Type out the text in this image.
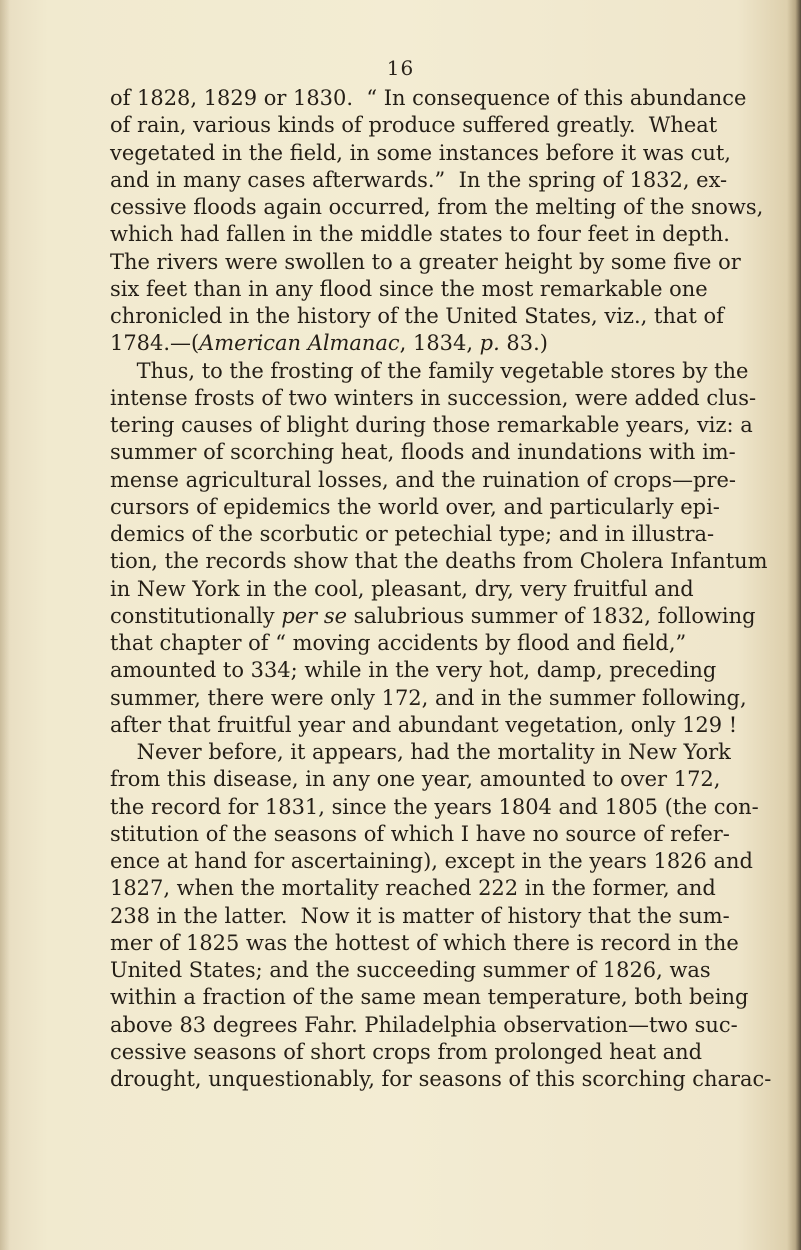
16
of 1828, 1829 or 1830.  “ In consequence of this abundance
of rain, various kinds of produce suffered greatly.  Wheat
vegetated in the field, in some instances before it was cut,
and in many cases afterwards.”  In the spring of 1832, ex-
cessive floods again occurred, from the melting of the snows,
which had fallen in the middle states to four feet in depth.
The rivers were swollen to a greater height by some five or
six feet than in any flood since the most remarkable one
chronicled in the history of the United States, viz., that of
1784.—(American Almanac, 1834, p. 83.)
Thus, to the frosting of the family vegetable stores by the
intense frosts of two winters in succession, were added clus-
tering causes of blight during those remarkable years, viz: a
summer of scorching heat, floods and inundations with im-
mense agricultural losses, and the ruination of crops—pre-
cursors of epidemics the world over, and particularly epi-
demics of the scorbutic or petechial type; and in illustra-
tion, the records show that the deaths from Cholera Infantum
in New York in the cool, pleasant, dry, very fruitful and
constitutionally per se salubrious summer of 1832, following
that chapter of “ moving accidents by flood and field,”
amounted to 334; while in the very hot, damp, preceding
summer, there were only 172, and in the summer following,
after that fruitful year and abundant vegetation, only 129 !
Never before, it appears, had the mortality in New York
from this disease, in any one year, amounted to over 172,
the record for 1831, since the years 1804 and 1805 (the con-
stitution of the seasons of which I have no source of refer-
ence at hand for ascertaining), except in the years 1826 and
1827, when the mortality reached 222 in the former, and
238 in the latter.  Now it is matter of history that the sum-
mer of 1825 was the hottest of which there is record in the
United States; and the succeeding summer of 1826, was
within a fraction of the same mean temperature, both being
above 83 degrees Fahr. Philadelphia observation—two suc-
cessive seasons of short crops from prolonged heat and
drought, unquestionably, for seasons of this scorching charac-
